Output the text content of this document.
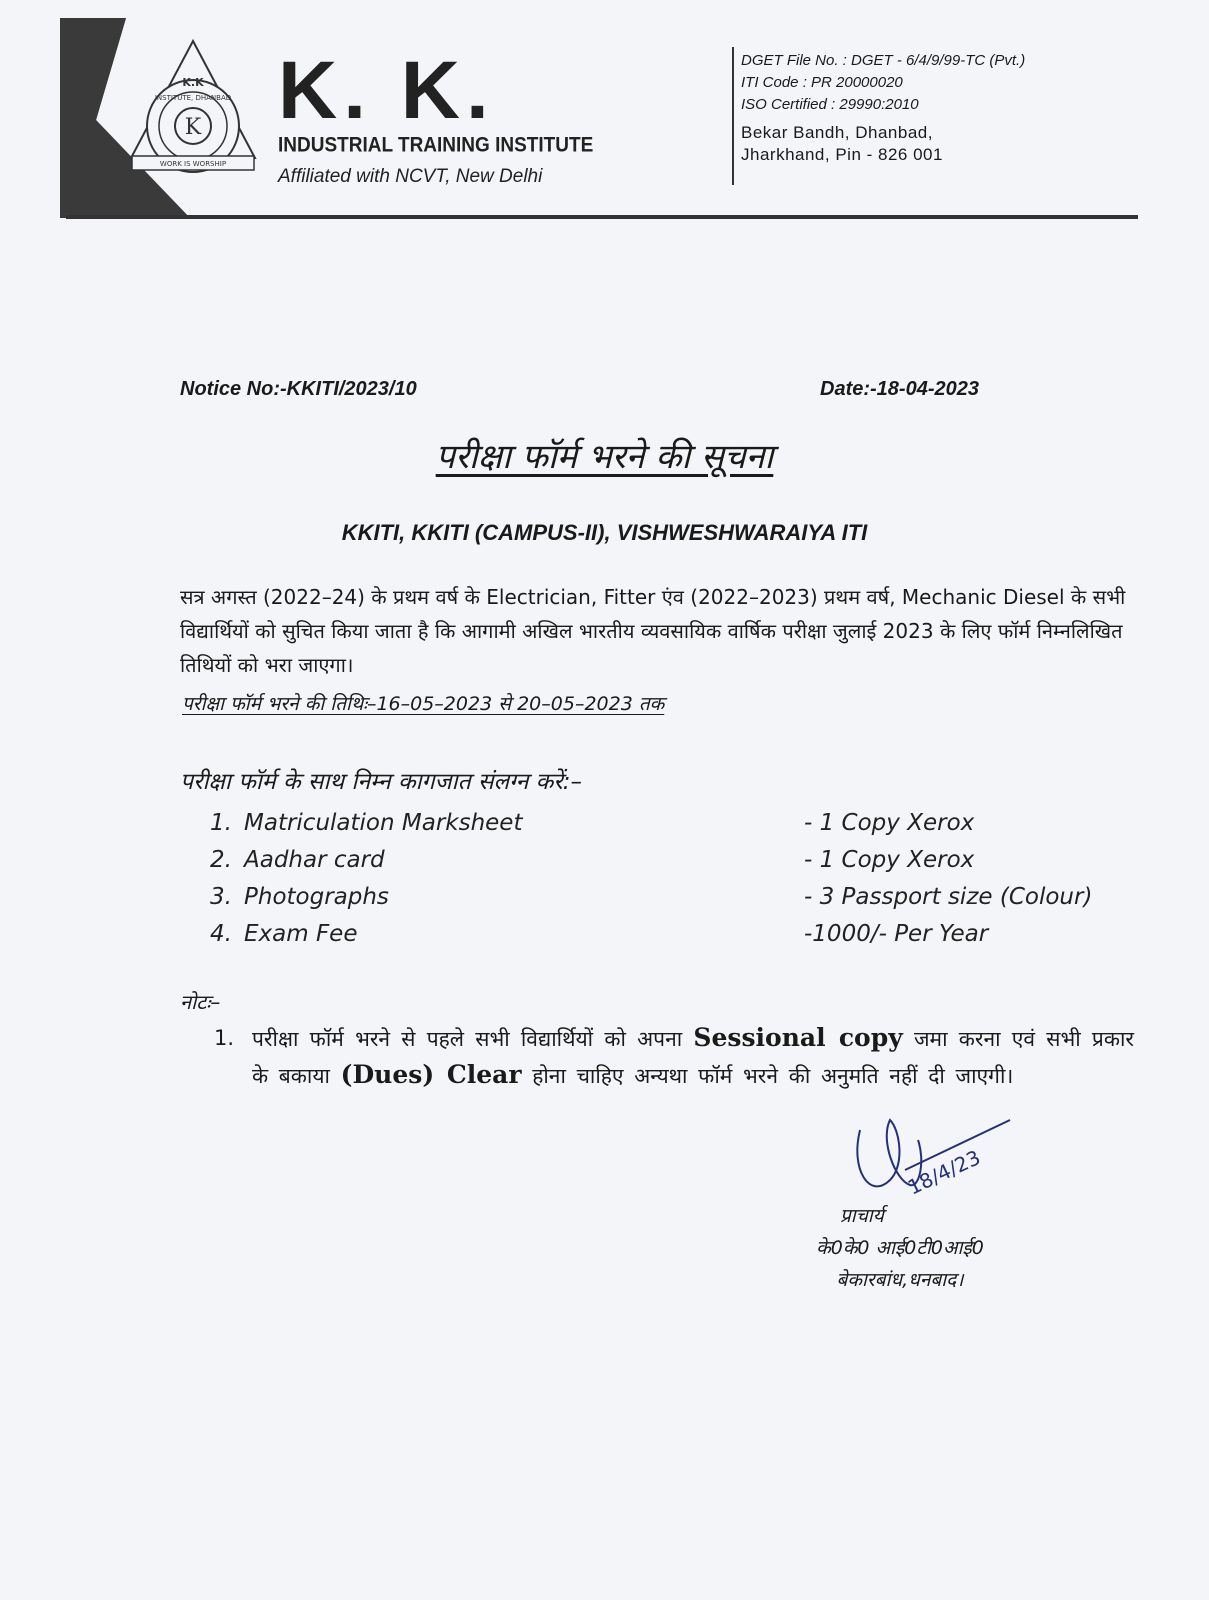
K
K.K
INSTITUTE, DHANBAD
WORK IS WORSHIP
K. K.
INDUSTRIAL TRAINING INSTITUTE
Affiliated with NCVT, New Delhi
DGET File No. : DGET - 6/4/9/99-TC (Pvt.)
ITI Code : PR 20000020
ISO Certified : 29990:2010
Bekar Bandh, Dhanbad,
Jharkhand, Pin - 826 001
Notice No:-KKITI/2023/10	Date:-18-04-2023
परीक्षा फॉर्म भरने की सूचना
KKITI, KKITI (CAMPUS-II), VISHWESHWARAIYA ITI
सत्र अगस्त (2022–24) के प्रथम वर्ष के Electrician, Fitter एंव (2022–2023) प्रथम वर्ष, Mechanic Diesel के सभी विद्यार्थियों को सुचित किया जाता है कि आगामी अखिल भारतीय व्यवसायिक वार्षिक परीक्षा जुलाई 2023 के लिए फॉर्म निम्नलिखित तिथियों को भरा जाएगा।
परीक्षा फॉर्म भरने की तिथिः–16–05–2023 से 20–05–2023 तक
परीक्षा फॉर्म के साथ निम्न कागजात संलग्न करें:–
1. Matriculation Marksheet	- 1 Copy Xerox
2. Aadhar card	- 1 Copy Xerox
3. Photographs	- 3 Passport size (Colour)
4. Exam Fee	-1000/- Per Year
नोटः–
1. परीक्षा फॉर्म भरने से पहले सभी विद्यार्थियों को अपना Sessional copy जमा करना एवं सभी प्रकार के बकाया (Dues) Clear होना चाहिए अन्यथा फॉर्म भरने की अनुमति नहीं दी जाएगी।
18/4/23
प्राचार्य
के0के0 आई0टी0आई0
बेकारबांध,धनबाद।
